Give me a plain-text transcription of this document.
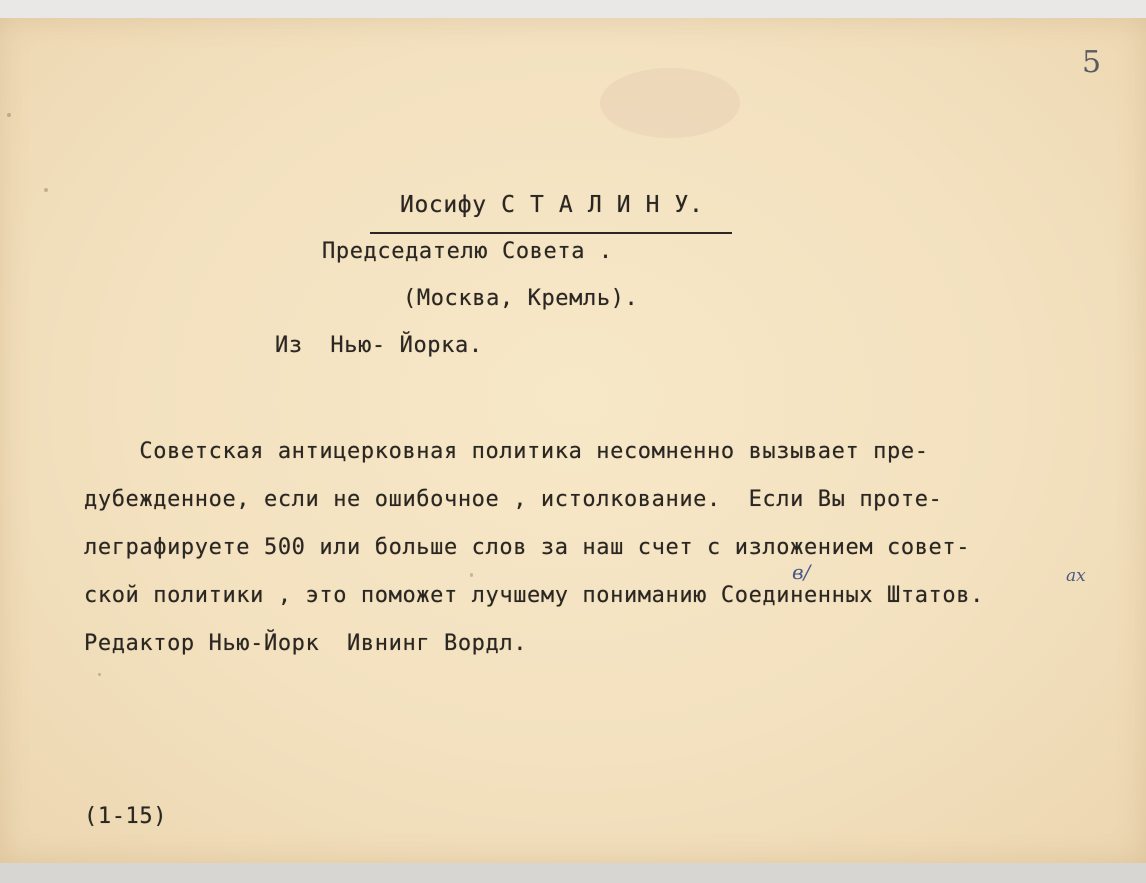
5
Иосифу С Т А Л И Н У.
Председателю Совета .
(Москва, Кремль).
Из  Нью- Йорка.
Советская антицерковная политика несомненно вызывает пре-
дубежденное, если не ошибочное , истолкование.  Если Вы проте-
леграфируете 500 или больше слов за наш счет с изложением совет-
ской политики , это поможет лучшему пониманию Соединенных Штатов.
Редактор Нью-Йорк  Ивнинг Вордл.
в/	ах
(1-15)
